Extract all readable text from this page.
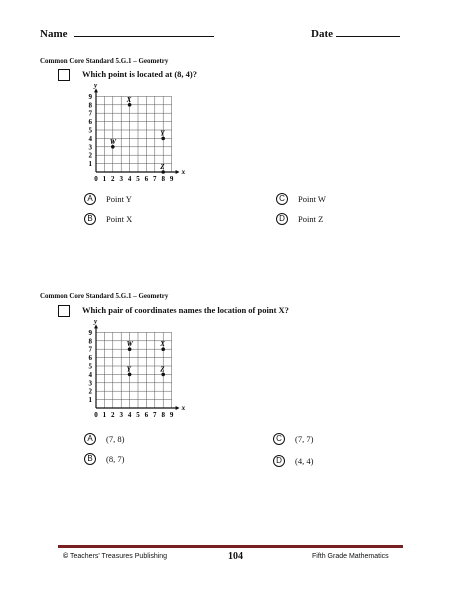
Name	Date
Common Core Standard 5.G.1 – Geometry
Which point is located at (8, 4)?
x
y
0 1 2 3 4 5 6 7 8 9
1
2
3
4
5
6
7
8
9	X
W
Y
Z
A	Point Y
B	Point X
C	Point W
D	Point Z
Common Core Standard 5.G.1 – Geometry
Which pair of coordinates names the location of point X?
x
y
0 1 2 3 4 5 6 7 8 9
1
2
3
4
5
6
7
8
9
W	X
Y	Z
A	(7, 8)
B	(8, 7)
C	(7, 7)
D	(4, 4)
© Teachers' Treasures Publishing	104	Fifth Grade Mathematics
